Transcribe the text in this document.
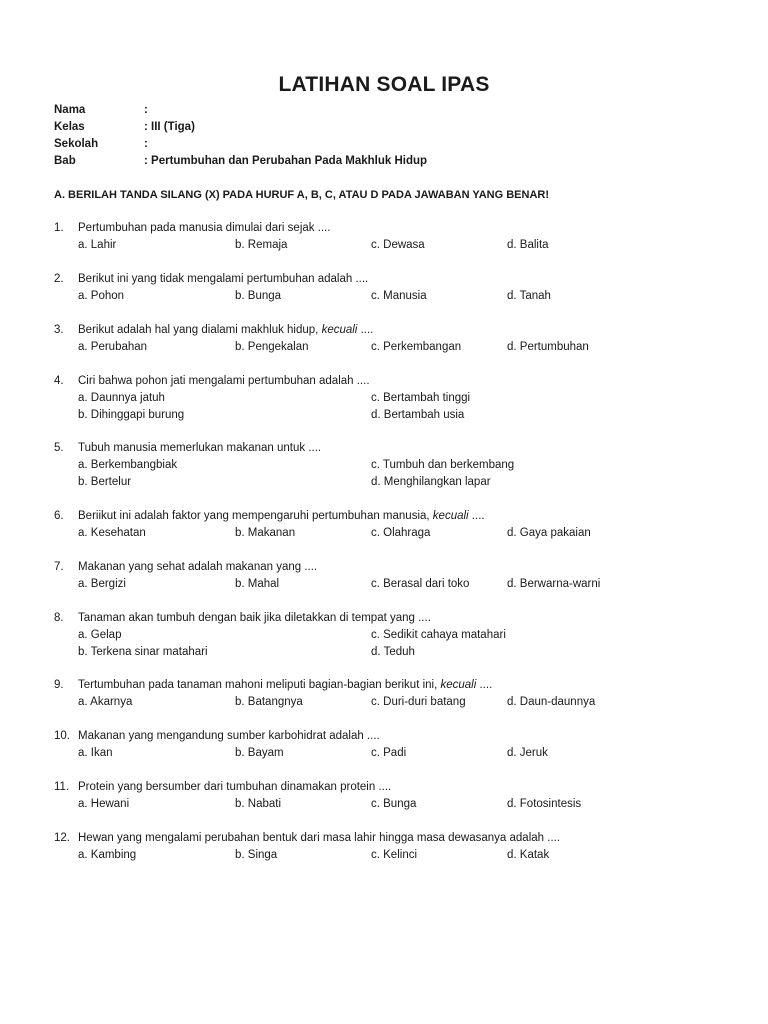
LATIHAN SOAL IPAS
Nama	:
Kelas	: III (Tiga)
Sekolah	:
Bab	: Pertumbuhan dan Perubahan Pada Makhluk Hidup
A. BERILAH TANDA SILANG (X) PADA HURUF A, B, C, ATAU D PADA JAWABAN YANG BENAR!
1. Pertumbuhan pada manusia dimulai dari sejak ....
a. Lahir	b. Remaja	c. Dewasa	d. Balita
2. Berikut ini yang tidak mengalami pertumbuhan adalah ....
a. Pohon	b. Bunga	c. Manusia	d. Tanah
3. Berikut adalah hal yang dialami makhluk hidup, kecuali ....
a. Perubahan	b. Pengekalan	c. Perkembangan	d. Pertumbuhan
4. Ciri bahwa pohon jati mengalami pertumbuhan adalah ....
a. Daunnya jatuh	c. Bertambah tinggi
b. Dihinggapi burung	d. Bertambah usia
5. Tubuh manusia memerlukan makanan untuk ....
a. Berkembangbiak	c. Tumbuh dan berkembang
b. Bertelur	d. Menghilangkan lapar
6. Beriikut ini adalah faktor yang mempengaruhi pertumbuhan manusia, kecuali ....
a. Kesehatan	b. Makanan	c. Olahraga	d. Gaya pakaian
7. Makanan yang sehat adalah makanan yang ....
a. Bergizi	b. Mahal	c. Berasal dari toko	d. Berwarna-warni
8. Tanaman akan tumbuh dengan baik jika diletakkan di tempat yang ....
a. Gelap	c. Sedikit cahaya matahari
b. Terkena sinar matahari	d. Teduh
9. Tertumbuhan pada tanaman mahoni meliputi bagian-bagian berikut ini, kecuali ....
a. Akarnya	b. Batangnya	c. Duri-duri batang	d. Daun-daunnya
10. Makanan yang mengandung sumber karbohidrat adalah ....
a. Ikan	b. Bayam	c. Padi	d. Jeruk
11. Protein yang bersumber dari tumbuhan dinamakan protein ....
a. Hewani	b. Nabati	c. Bunga	d. Fotosintesis
12. Hewan yang mengalami perubahan bentuk dari masa lahir hingga masa dewasanya adalah ....
a. Kambing	b. Singa	c. Kelinci	d. Katak
